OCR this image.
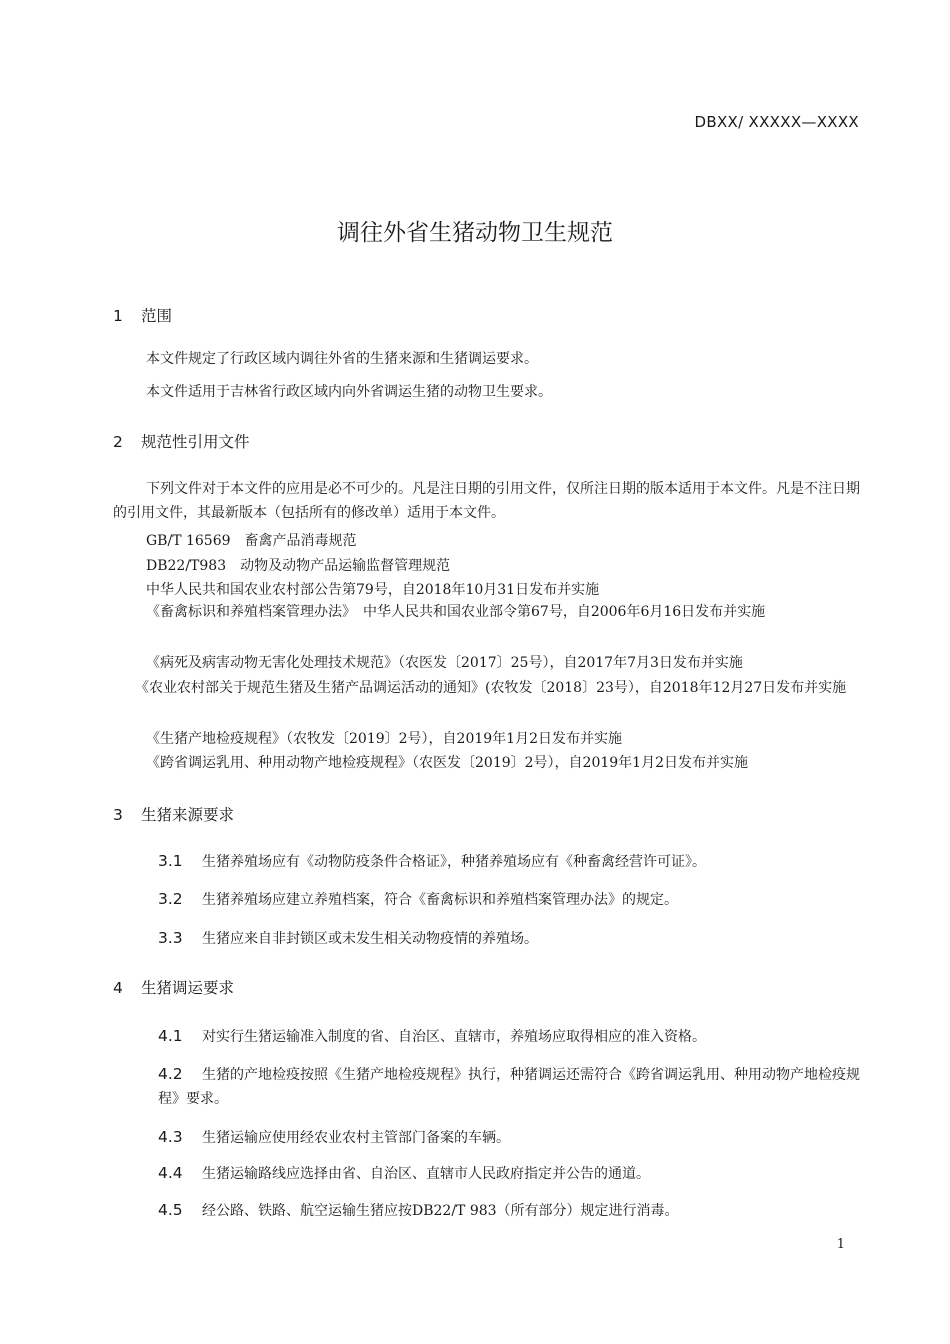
DBXX/ XXXXX—XXXX
调往外省生猪动物卫生规范
1 范围
本文件规定了行政区域内调往外省的生猪来源和生猪调运要求。
本文件适用于吉林省行政区域内向外省调运生猪的动物卫生要求。
2 规范性引用文件
下列文件对于本文件的应用是必不可少的。凡是注日期的引用文件，仅所注日期的版本适用于本文件。凡是不注日期的引用文件，其最新版本（包括所有的修改单）适用于本文件。
GB/T 16569　畜禽产品消毒规范
DB22/T983　动物及动物产品运输监督管理规范
中华人民共和国农业农村部公告第79号，自2018年10月31日发布并实施
《畜禽标识和养殖档案管理办法》　中华人民共和国农业部令第67号，自2006年6月16日发布并实施
《病死及病害动物无害化处理技术规范》（农医发〔2017〕25号），自2017年7月3日发布并实施
《农业农村部关于规范生猪及生猪产品调运活动的通知》(农牧发〔2018〕23号），自2018年12月27日发布并实施
《生猪产地检疫规程》（农牧发〔2019〕2号），自2019年1月2日发布并实施
《跨省调运乳用、种用动物产地检疫规程》（农医发〔2019〕2号），自2019年1月2日发布并实施
3 生猪来源要求
3.1 生猪养殖场应有《动物防疫条件合格证》，种猪养殖场应有《种畜禽经营许可证》。
3.2 生猪养殖场应建立养殖档案，符合《畜禽标识和养殖档案管理办法》的规定。
3.3 生猪应来自非封锁区或未发生相关动物疫情的养殖场。
4 生猪调运要求
4.1 对实行生猪运输准入制度的省、自治区、直辖市，养殖场应取得相应的准入资格。
4.2 生猪的产地检疫按照《生猪产地检疫规程》执行，种猪调运还需符合《跨省调运乳用、种用动物产地检疫规程》要求。
4.3 生猪运输应使用经农业农村主管部门备案的车辆。
4.4 生猪运输路线应选择由省、自治区、直辖市人民政府指定并公告的通道。
4.5 经公路、铁路、航空运输生猪应按DB22/T 983（所有部分）规定进行消毒。
1
